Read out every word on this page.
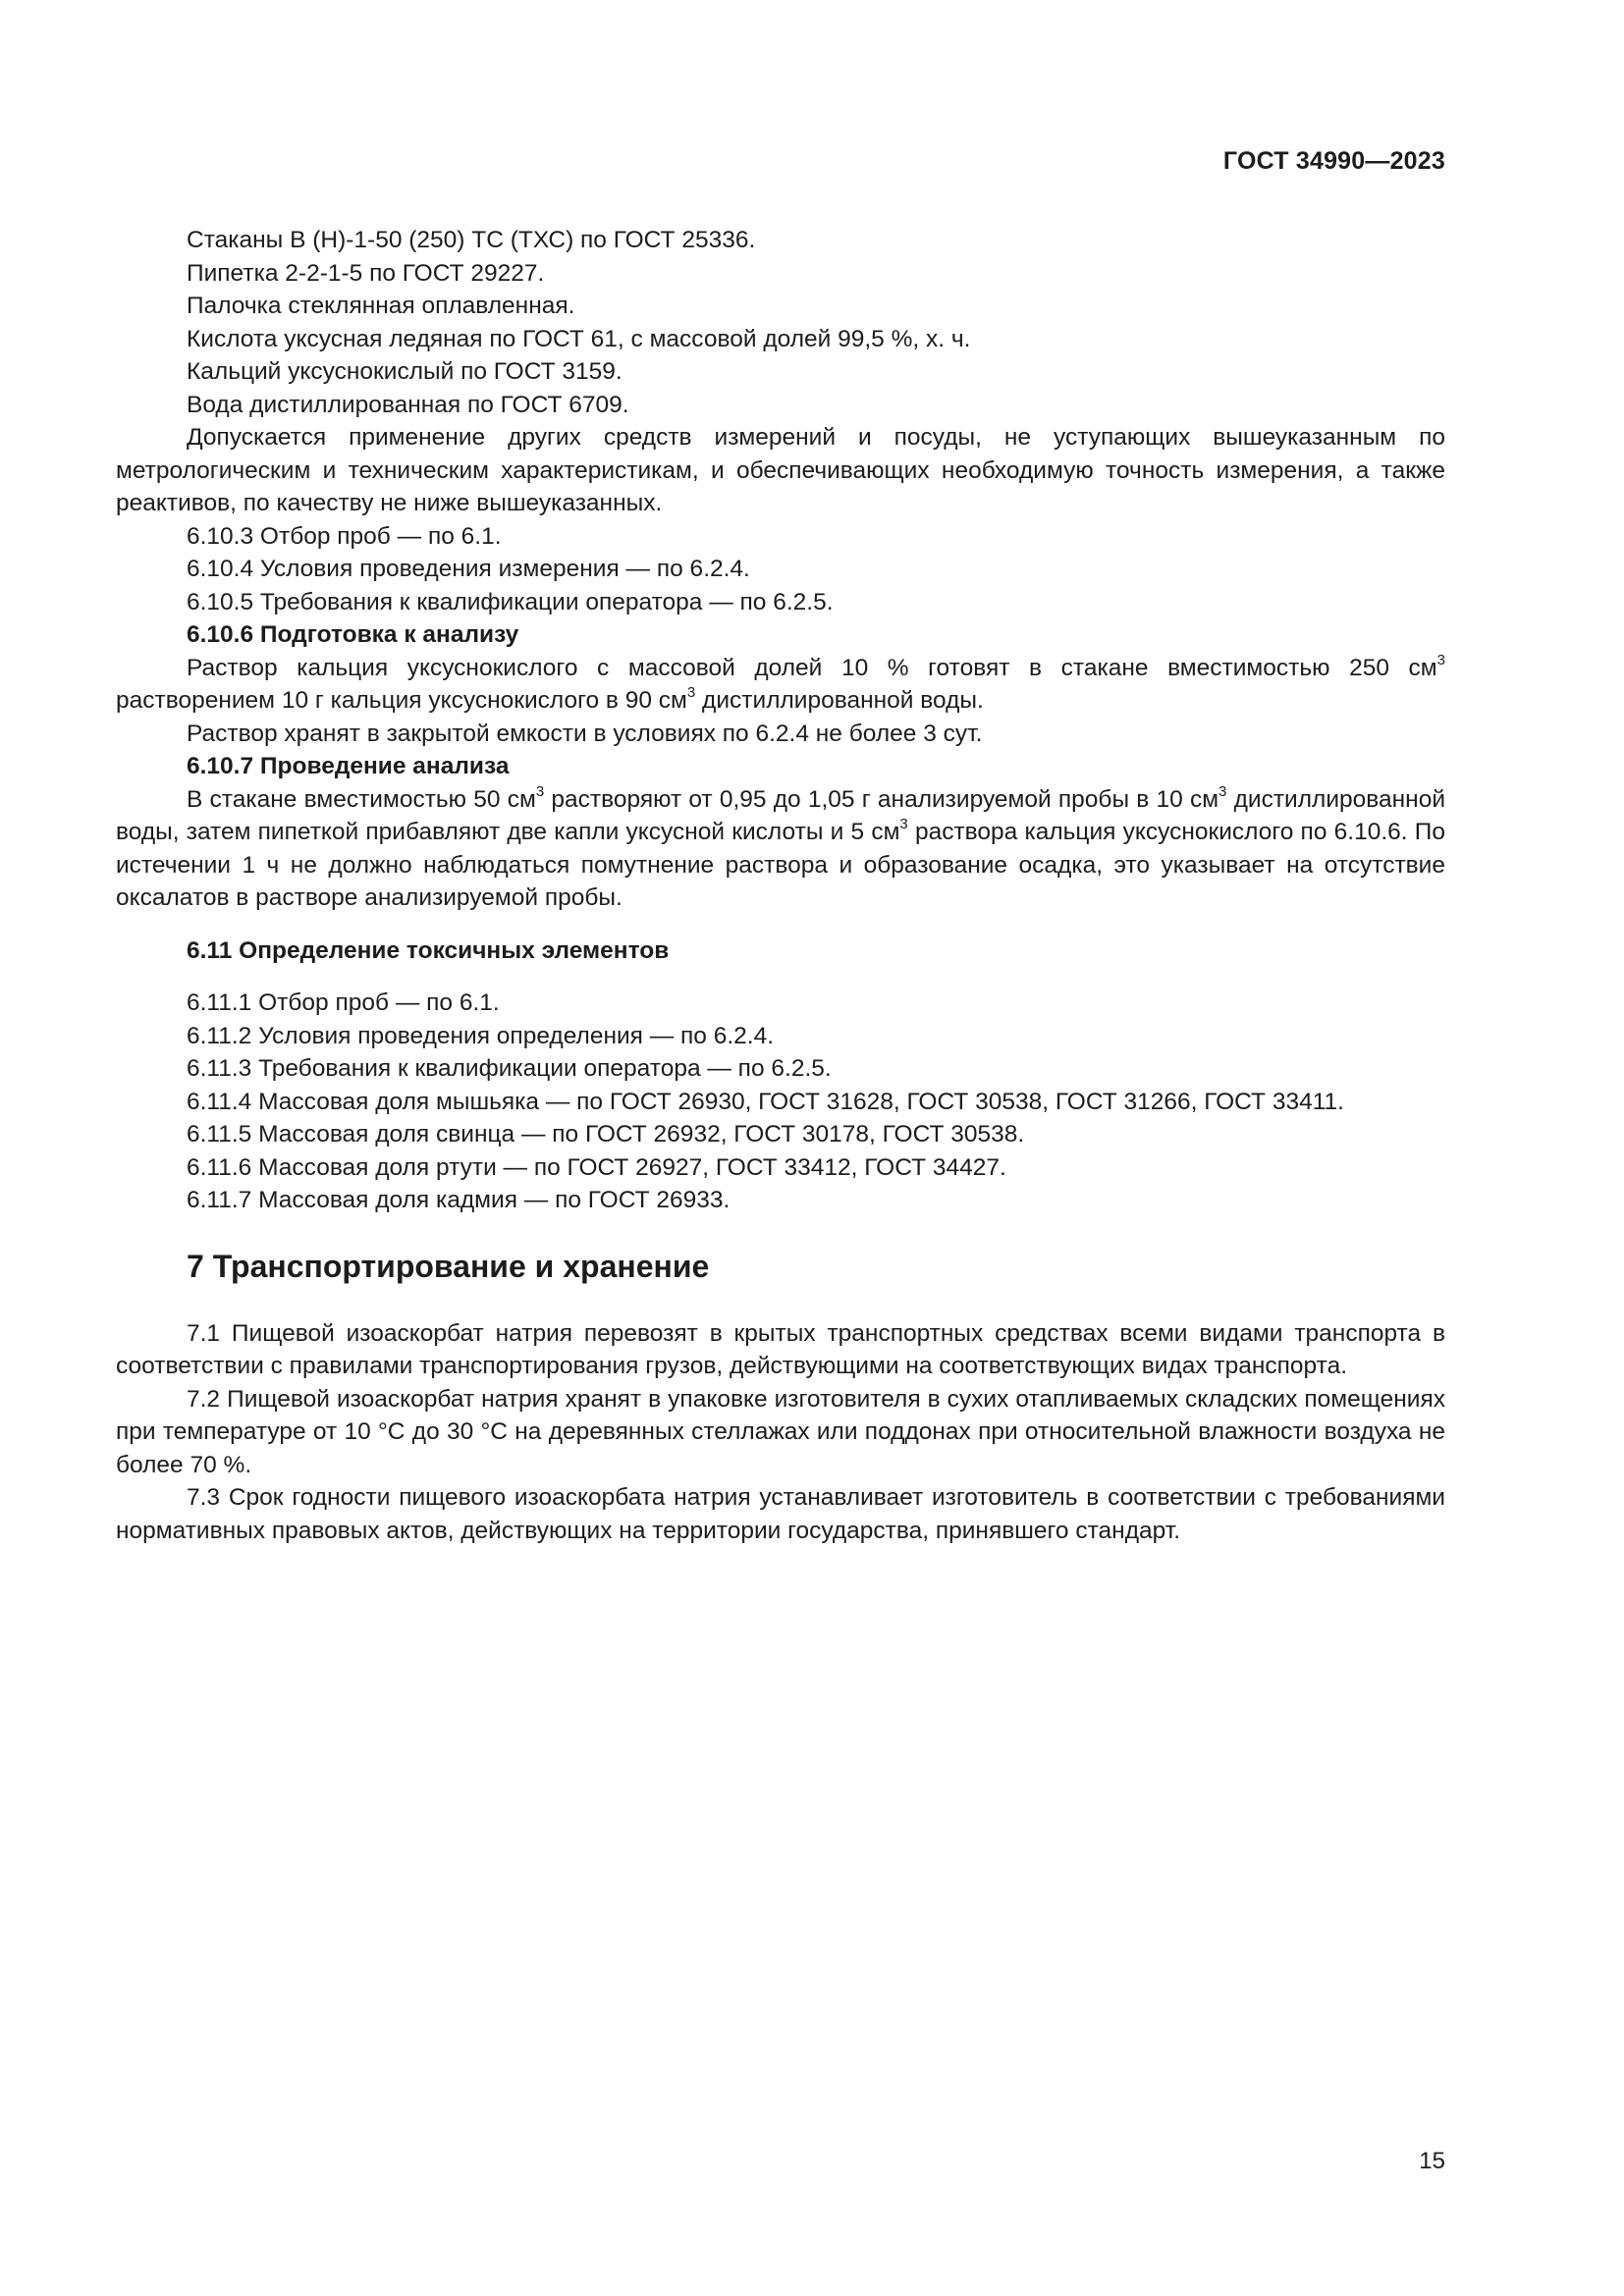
ГОСТ 34990—2023

Стаканы В (Н)-1-50 (250) ТС (ТХС) по ГОСТ 25336.

Пипетка 2-2-1-5 по ГОСТ 29227.

Палочка стеклянная оплавленная.

Кислота уксусная ледяная по ГОСТ 61, с массовой долей 99,5 %, х. ч.

Кальций уксуснокислый по ГОСТ 3159.

Вода дистиллированная по ГОСТ 6709.

Допускается применение других средств измерений и посуды, не уступающих вышеуказанным по метрологическим и техническим характеристикам, и обеспечивающих необходимую точность измерения, а также реактивов, по качеству не ниже вышеуказанных.

6.10.3 Отбор проб — по 6.1.

6.10.4 Условия проведения измерения — по 6.2.4.

6.10.5 Требования к квалификации оператора — по 6.2.5.

6.10.6 Подготовка к анализу

Раствор кальция уксуснокислого с массовой долей 10 % готовят в стакане вместимостью 250 $см^3$ растворением 10 г кальция уксуснокислого в 90 $см^3$ дистиллированной воды.

Раствор хранят в закрытой емкости в условиях по 6.2.4 не более 3 сут.

6.10.7 Проведение анализа

В стакане вместимостью 50 $см^3$ растворяют от 0,95 до 1,05 г анализируемой пробы в 10 $см^3$ дистиллированной воды, затем пипеткой прибавляют две капли уксусной кислоты и 5 $см^3$ раствора кальция уксуснокислого по 6.10.6. По истечении 1 ч не должно наблюдаться помутнение раствора и образование осадка, это указывает на отсутствие оксалатов в растворе анализируемой пробы.

6.11 Определение токсичных элементов

6.11.1 Отбор проб — по 6.1.

6.11.2 Условия проведения определения — по 6.2.4.

6.11.3 Требования к квалификации оператора — по 6.2.5.

6.11.4 Массовая доля мышьяка — по ГОСТ 26930, ГОСТ 31628, ГОСТ 30538, ГОСТ 31266, ГОСТ 33411.

6.11.5 Массовая доля свинца — по ГОСТ 26932, ГОСТ 30178, ГОСТ 30538.

6.11.6 Массовая доля ртути — по ГОСТ 26927, ГОСТ 33412, ГОСТ 34427.

6.11.7 Массовая доля кадмия — по ГОСТ 26933.

7 Транспортирование и хранение

7.1 Пищевой изоаскорбат натрия перевозят в крытых транспортных средствах всеми видами транспорта в соответствии с правилами транспортирования грузов, действующими на соответствующих видах транспорта.

7.2 Пищевой изоаскорбат натрия хранят в упаковке изготовителя в сухих отапливаемых складских помещениях при температуре от 10 °C до 30 °C на деревянных стеллажах или поддонах при относительной влажности воздуха не более 70 %.

7.3 Срок годности пищевого изоаскорбата натрия устанавливает изготовитель в соответствии с требованиями нормативных правовых актов, действующих на территории государства, принявшего стандарт.

15
